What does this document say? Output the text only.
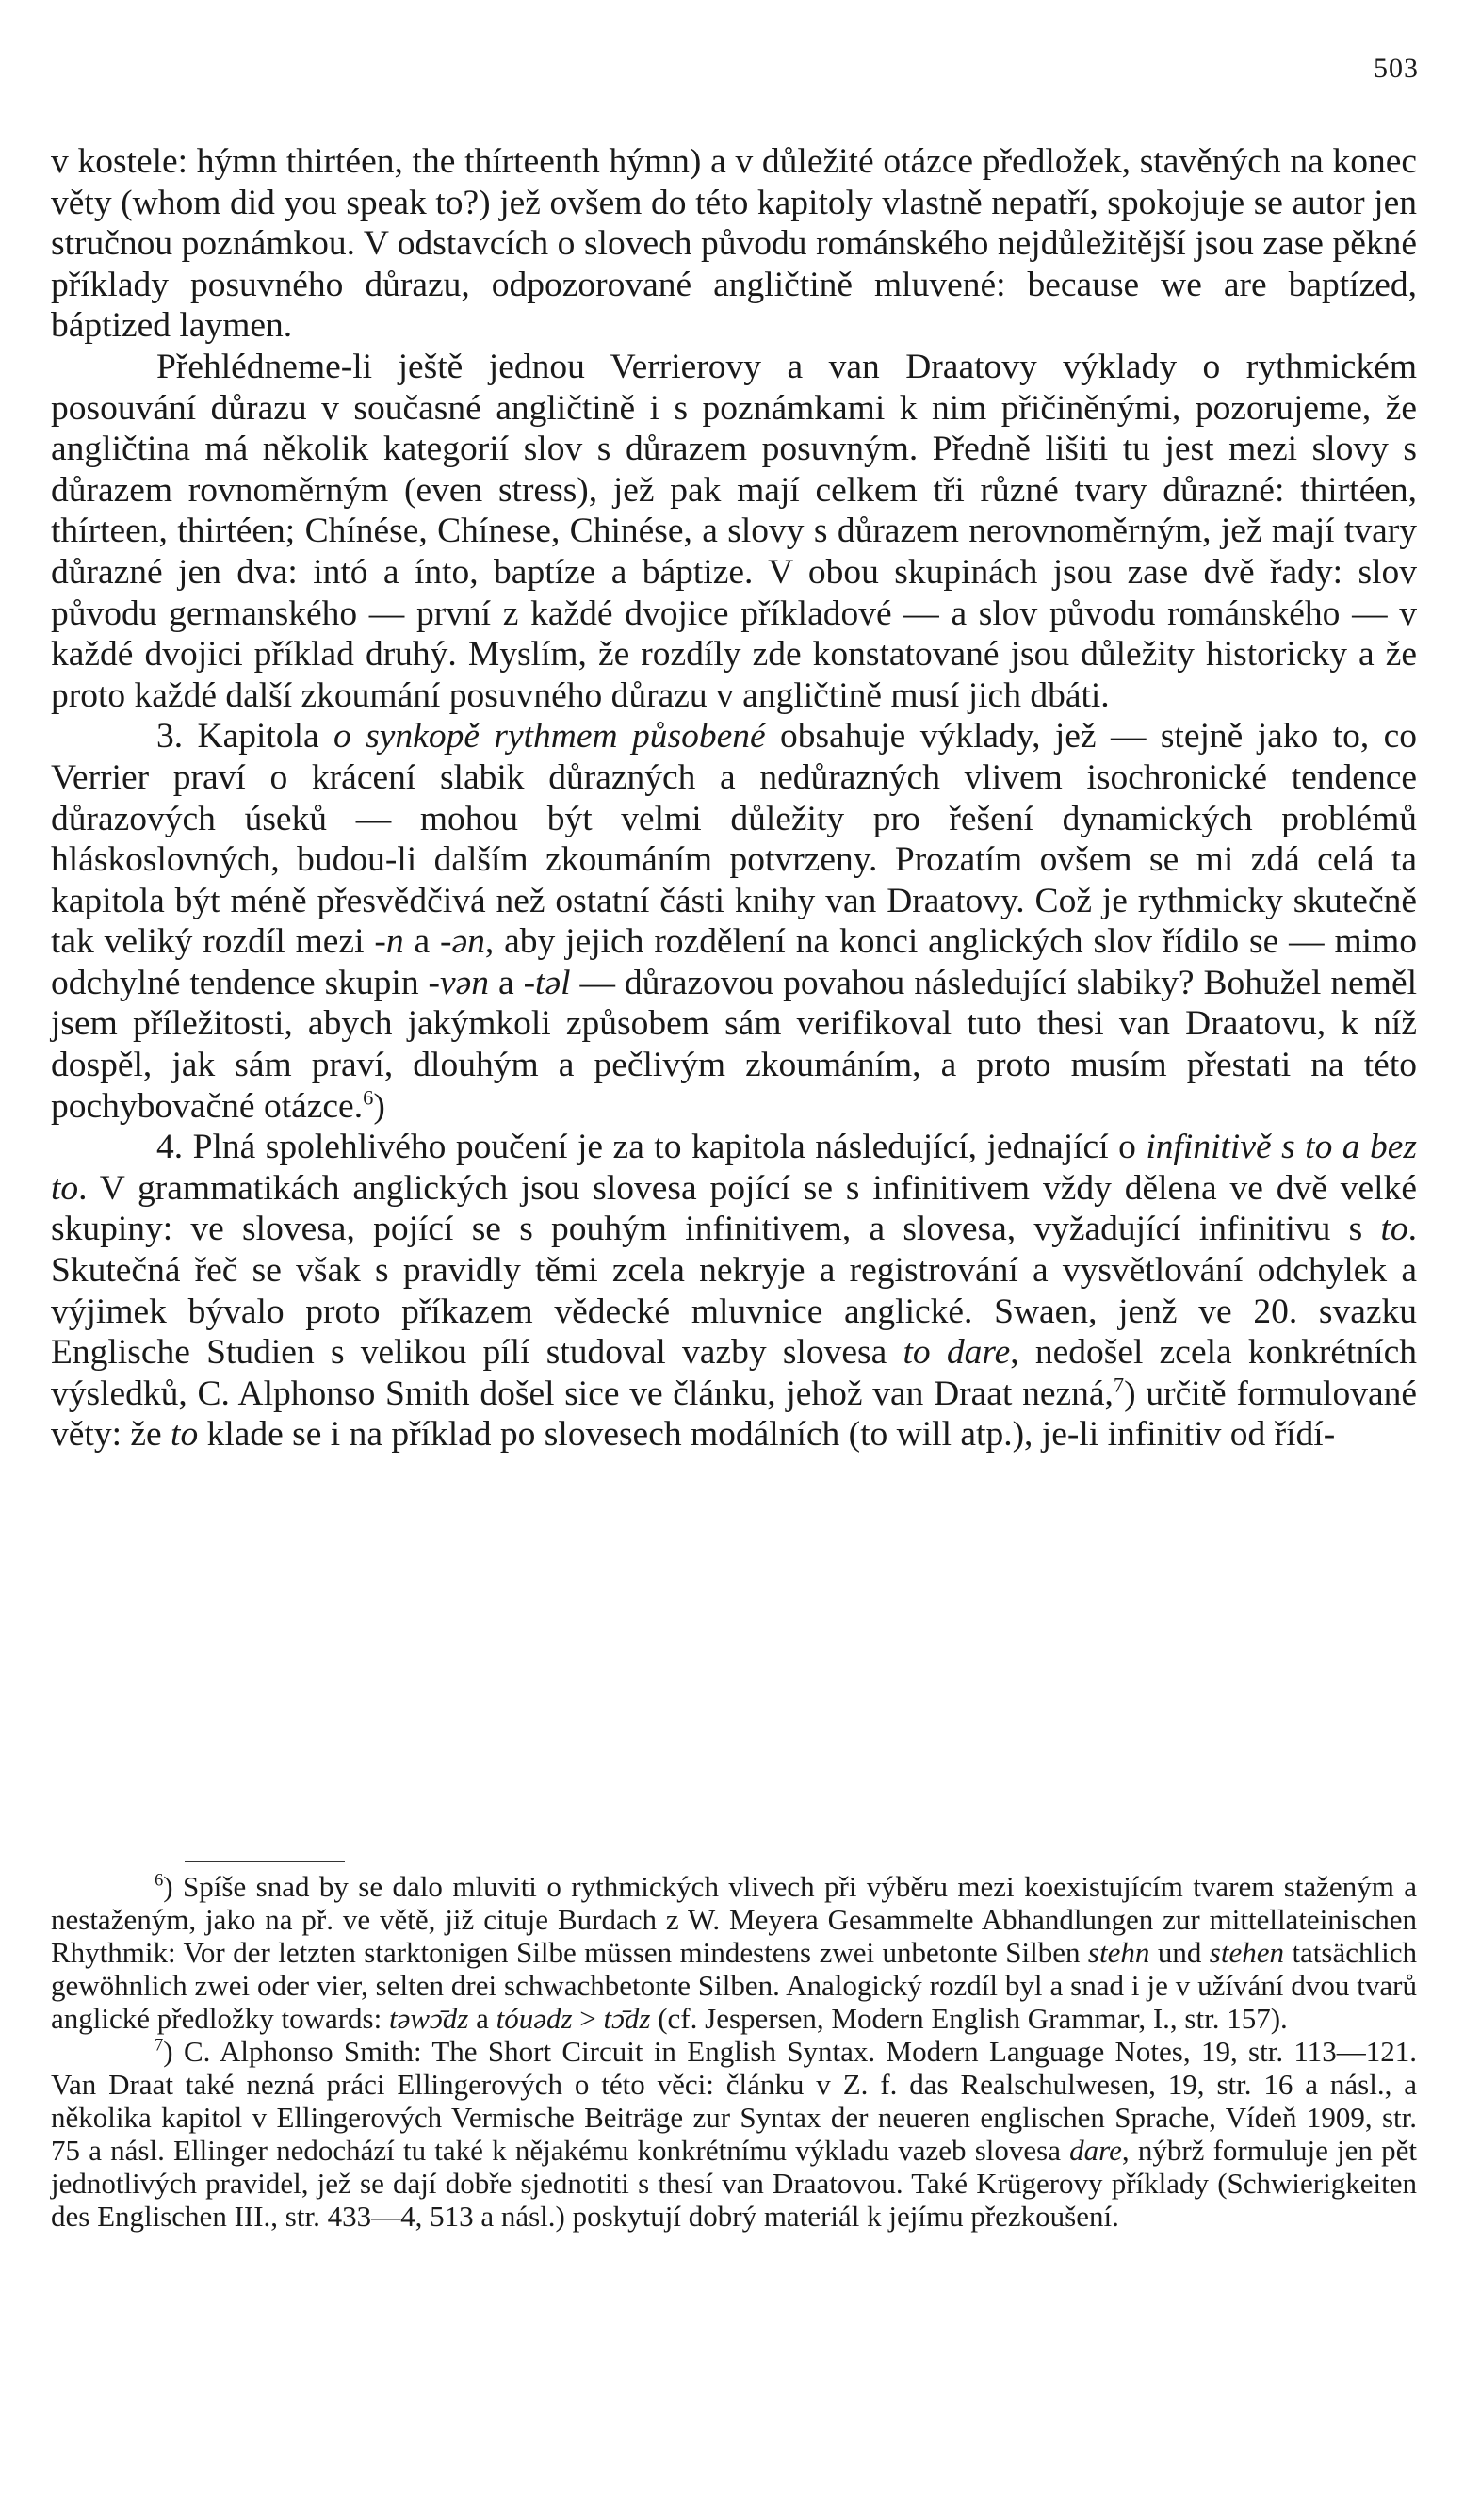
503

v kostele: hýmn thirtéen, the thírteenth hýmn) a v důležité otázce předložek, stavěných na konec věty (whom did you speak to?) jež ovšem do této kapitoly vlastně nepatří, spokojuje se autor jen stručnou poznámkou. V odstavcích o slovech původu románského nejdůležitější jsou zase pěkné příklady posuvného důrazu, odpozorované angličtině mluvené: because we are baptízed, báptized laymen.

Přehlédneme-li ještě jednou Verrierovy a van Draatovy výklady o rythmickém posouvání důrazu v současné angličtině i s poznámkami k nim přičiněnými, pozorujeme, že angličtina má několik kategorií slov s důrazem posuvným. Předně lišiti tu jest mezi slovy s důrazem rovnoměrným (even stress), jež pak mají celkem tři různé tvary důrazné: thirtéen, thírteen, thirtéen; Chínése, Chínese, Chinése, a slovy s důrazem nerovnoměrným, jež mají tvary důrazné jen dva: intó a ínto, baptíze a báptize. V obou skupinách jsou zase dvě řady: slov původu germanského — první z každé dvojice příkladové — a slov původu románského — v každé dvojici příklad druhý. Myslím, že rozdíly zde konstatované jsou důležity historicky a že proto každé další zkoumání posuvného důrazu v angličtině musí jich dbáti.

3. Kapitola o synkopě rythmem působené obsahuje výklady, jež — stejně jako to, co Verrier praví o krácení slabik důrazných a nedůrazných vlivem isochronické tendence důrazových úseků — mohou být velmi důležity pro řešení dynamických problémů hláskoslovných, budou-li dalším zkoumáním potvrzeny. Prozatím ovšem se mi zdá celá ta kapitola být méně přesvědčivá než ostatní části knihy van Draatovy. Což je rythmicky skutečně tak veliký rozdíl mezi -n a -ən, aby jejich rozdělení na konci anglických slov řídilo se — mimo odchylné tendence skupin -vən a -təl — důrazovou povahou následující slabiky? Bohužel neměl jsem příležitosti, abych jakýmkoli způsobem sám verifikoval tuto thesi van Draatovu, k níž dospěl, jak sám praví, dlouhým a pečlivým zkoumáním, a proto musím přestati na této pochybovačné otázce.$^6$)

4. Plná spolehlivého poučení je za to kapitola následující, jednající o infinitivě s to a bez to. V grammatikách anglických jsou slovesa pojící se s infinitivem vždy dělena ve dvě velké skupiny: ve slovesa, pojící se s pouhým infinitivem, a slovesa, vyžadující infinitivu s to. Skutečná řeč se však s pravidly těmi zcela nekryje a registrování a vysvětlování odchylek a výjimek bývalo proto příkazem vědecké mluvnice anglické. Swaen, jenž ve 20. svazku Englische Studien s velikou pílí studoval vazby slovesa to dare, nedošel zcela konkrétních výsledků, C. Alphonso Smith došel sice ve článku, jehož van Draat nezná,$^7$) určitě formulované věty: že to klade se i na příklad po slovesech modálních (to will atp.), je-li infinitiv od řídí-

$^6$) Spíše snad by se dalo mluviti o rythmických vlivech při výběru mezi koexistujícím tvarem staženým a nestaženým, jako na př. ve větě, již cituje Burdach z W. Meyera Gesammelte Abhandlungen zur mittellateinischen Rhythmik: Vor der letzten starktonigen Silbe müssen mindestens zwei unbetonte Silben stehn und stehen tatsächlich gewöhnlich zwei oder vier, selten drei schwachbetonte Silben. Analogický rozdíl byl a snad i je v užívání dvou tvarů anglické předložky towards: təwɔ̄dz a tóuədz > tɔ̄dz (cf. Jespersen, Modern English Grammar, I., str. 157).

$^7$) C. Alphonso Smith: The Short Circuit in English Syntax. Modern Language Notes, 19, str. 113—121. Van Draat také nezná práci Ellingerových o této věci: článku v Z. f. das Realschulwesen, 19, str. 16 a násl., a několika kapitol v Ellingerových Vermische Beiträge zur Syntax der neueren englischen Sprache, Vídeň 1909, str. 75 a násl. Ellinger nedochází tu také k nějakému konkrétnímu výkladu vazeb slovesa dare, nýbrž formuluje jen pět jednotlivých pravidel, jež se dají dobře sjednotiti s thesí van Draatovou. Také Krügerovy příklady (Schwierigkeiten des Englischen III., str. 433—4, 513 a násl.) poskytují dobrý materiál k jejímu přezkoušení.
